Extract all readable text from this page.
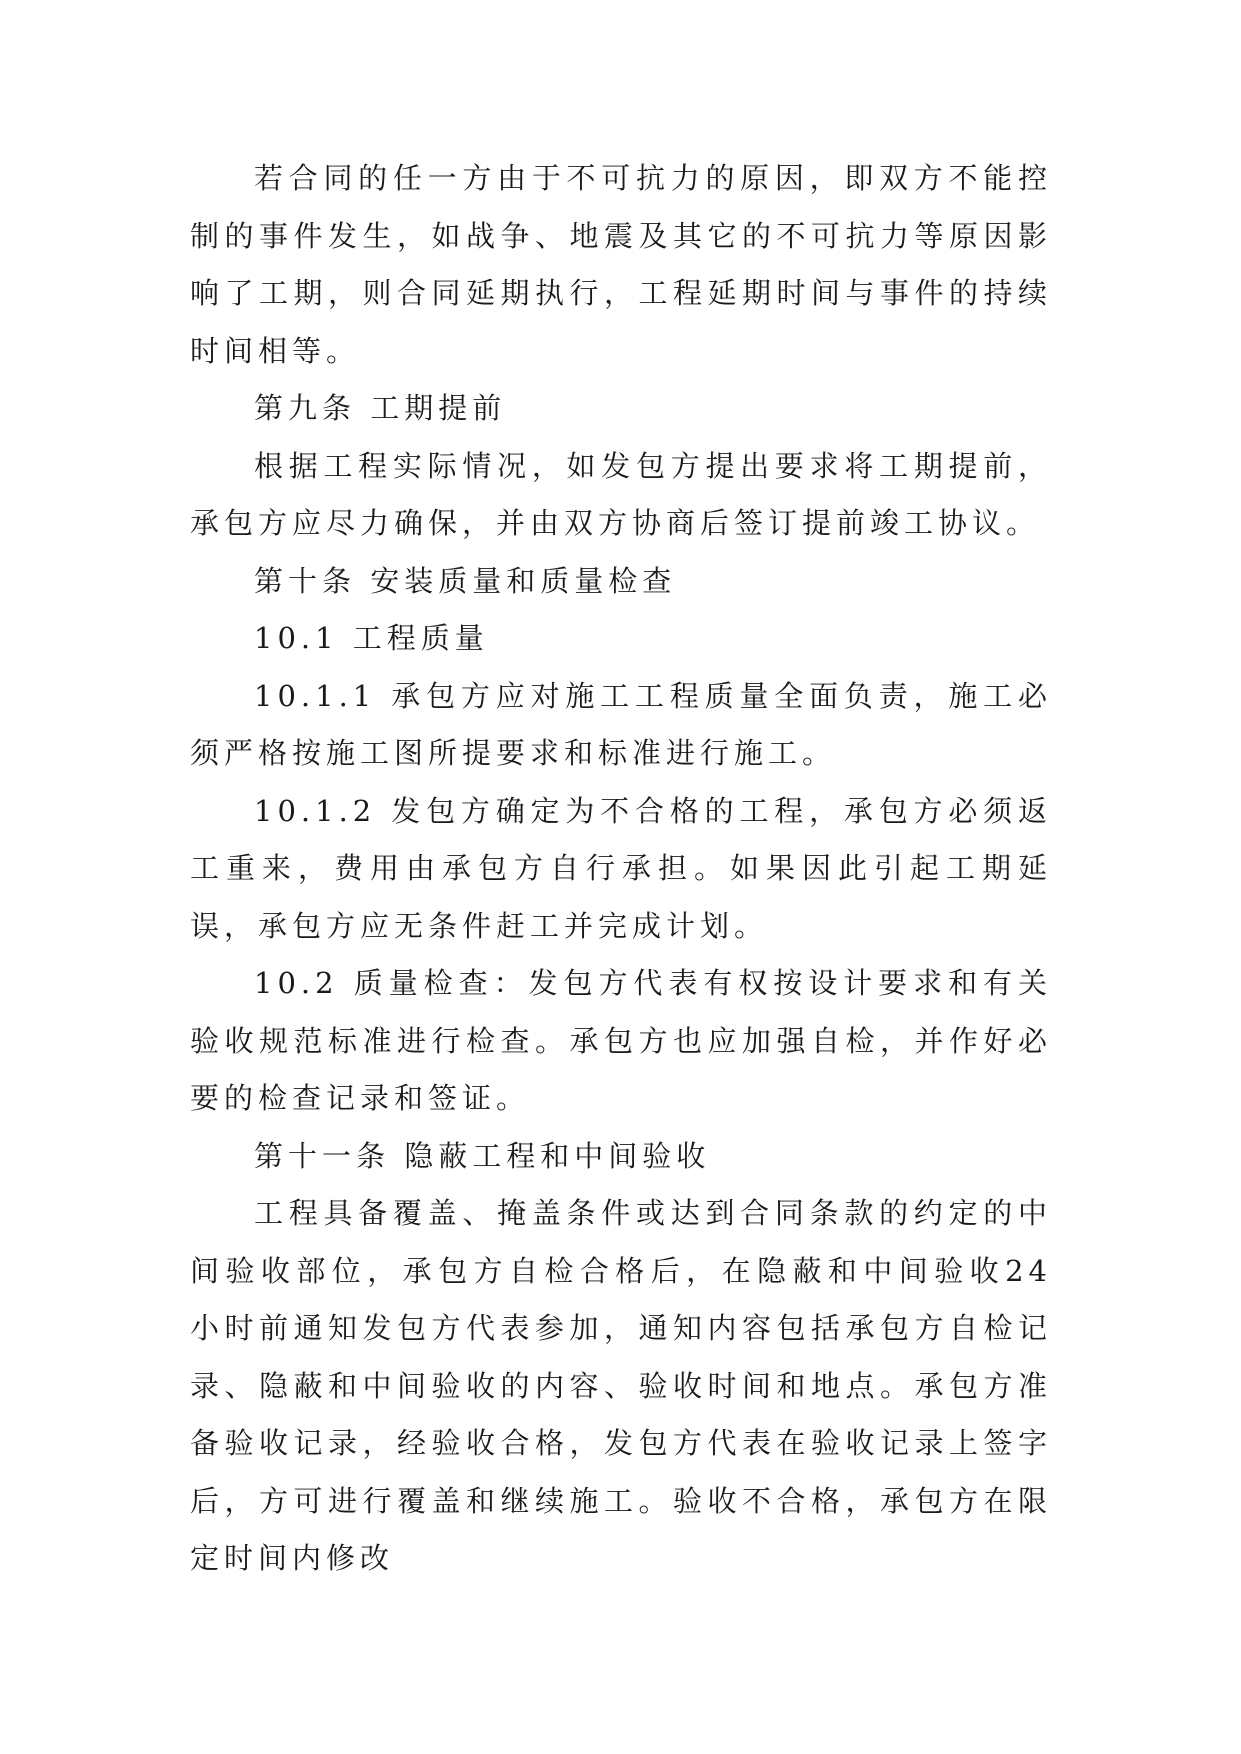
若合同的任一方由于不可抗力的原因，即双方不能控制的事件发生，如战争、地震及其它的不可抗力等原因影响了工期，则合同延期执行，工程延期时间与事件的持续时间相等。

第九条 工期提前

根据工程实际情况，如发包方提出要求将工期提前，承包方应尽力确保，并由双方协商后签订提前竣工协议。

第十条 安装质量和质量检查

10.1 工程质量

10.1.1 承包方应对施工工程质量全面负责，施工必须严格按施工图所提要求和标准进行施工。

10.1.2 发包方确定为不合格的工程，承包方必须返工重来，费用由承包方自行承担。如果因此引起工期延误，承包方应无条件赶工并完成计划。

10.2 质量检查：发包方代表有权按设计要求和有关验收规范标准进行检查。承包方也应加强自检，并作好必要的检查记录和签证。

第十一条 隐蔽工程和中间验收

工程具备覆盖、掩盖条件或达到合同条款的约定的中间验收部位，承包方自检合格后，在隐蔽和中间验收24小时前通知发包方代表参加，通知内容包括承包方自检记录、隐蔽和中间验收的内容、验收时间和地点。承包方准备验收记录，经验收合格，发包方代表在验收记录上签字后，方可进行覆盖和继续施工。验收不合格，承包方在限定时间内修改
